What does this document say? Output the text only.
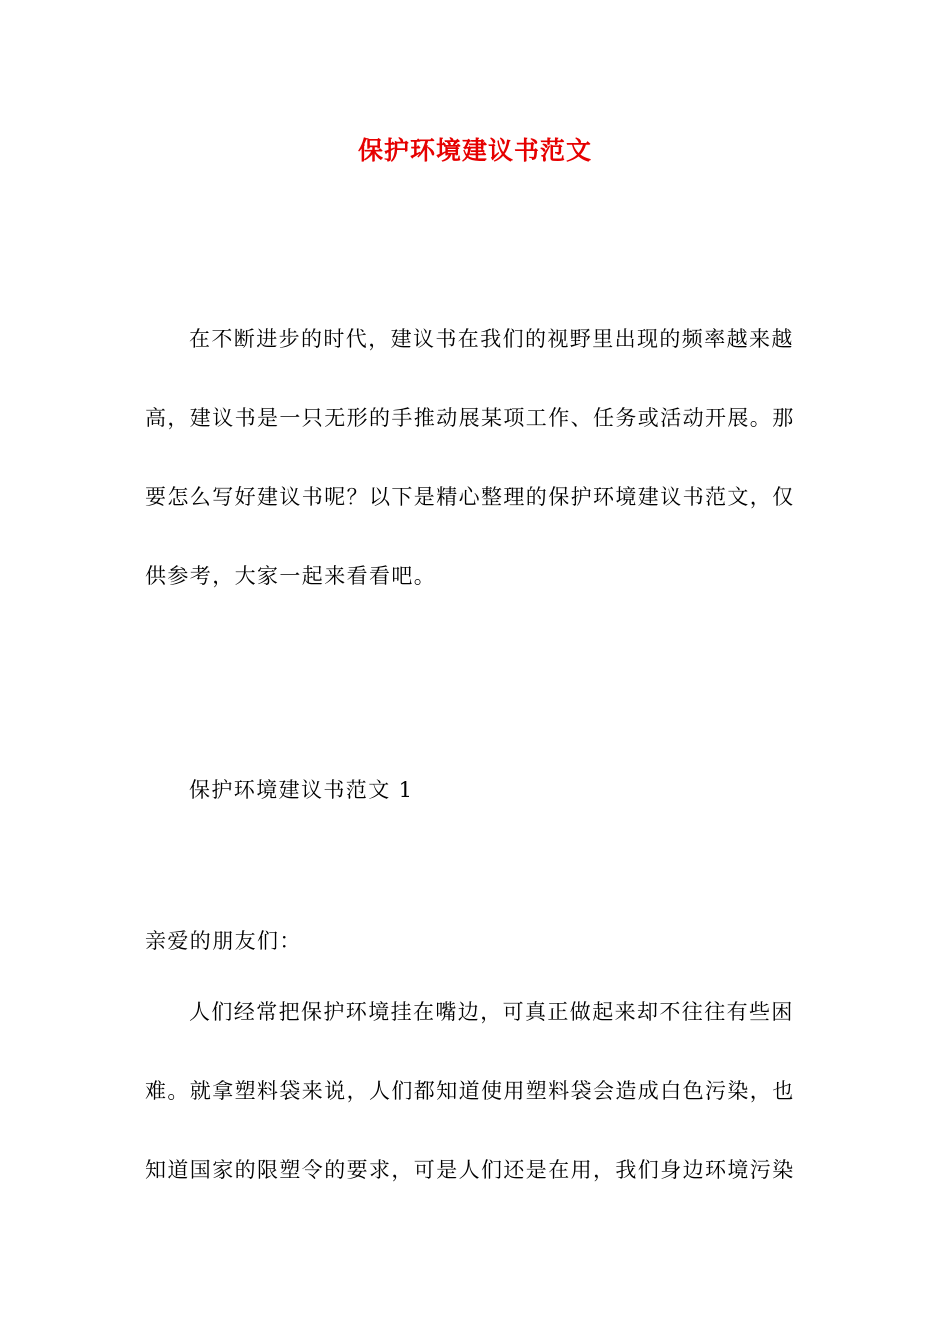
保护环境建议书范文
在不断进步的时代，建议书在我们的视野里出现的频率越来越
高，建议书是一只无形的手推动展某项工作、任务或活动开展。那
要怎么写好建议书呢？以下是精心整理的保护环境建议书范文，仅
供参考，大家一起来看看吧。
保护环境建议书范文 1
亲爱的朋友们：
人们经常把保护环境挂在嘴边，可真正做起来却不往往有些困
难。就拿塑料袋来说，人们都知道使用塑料袋会造成白色污染，也
知道国家的限塑令的要求，可是人们还是在用，我们身边环境污染
